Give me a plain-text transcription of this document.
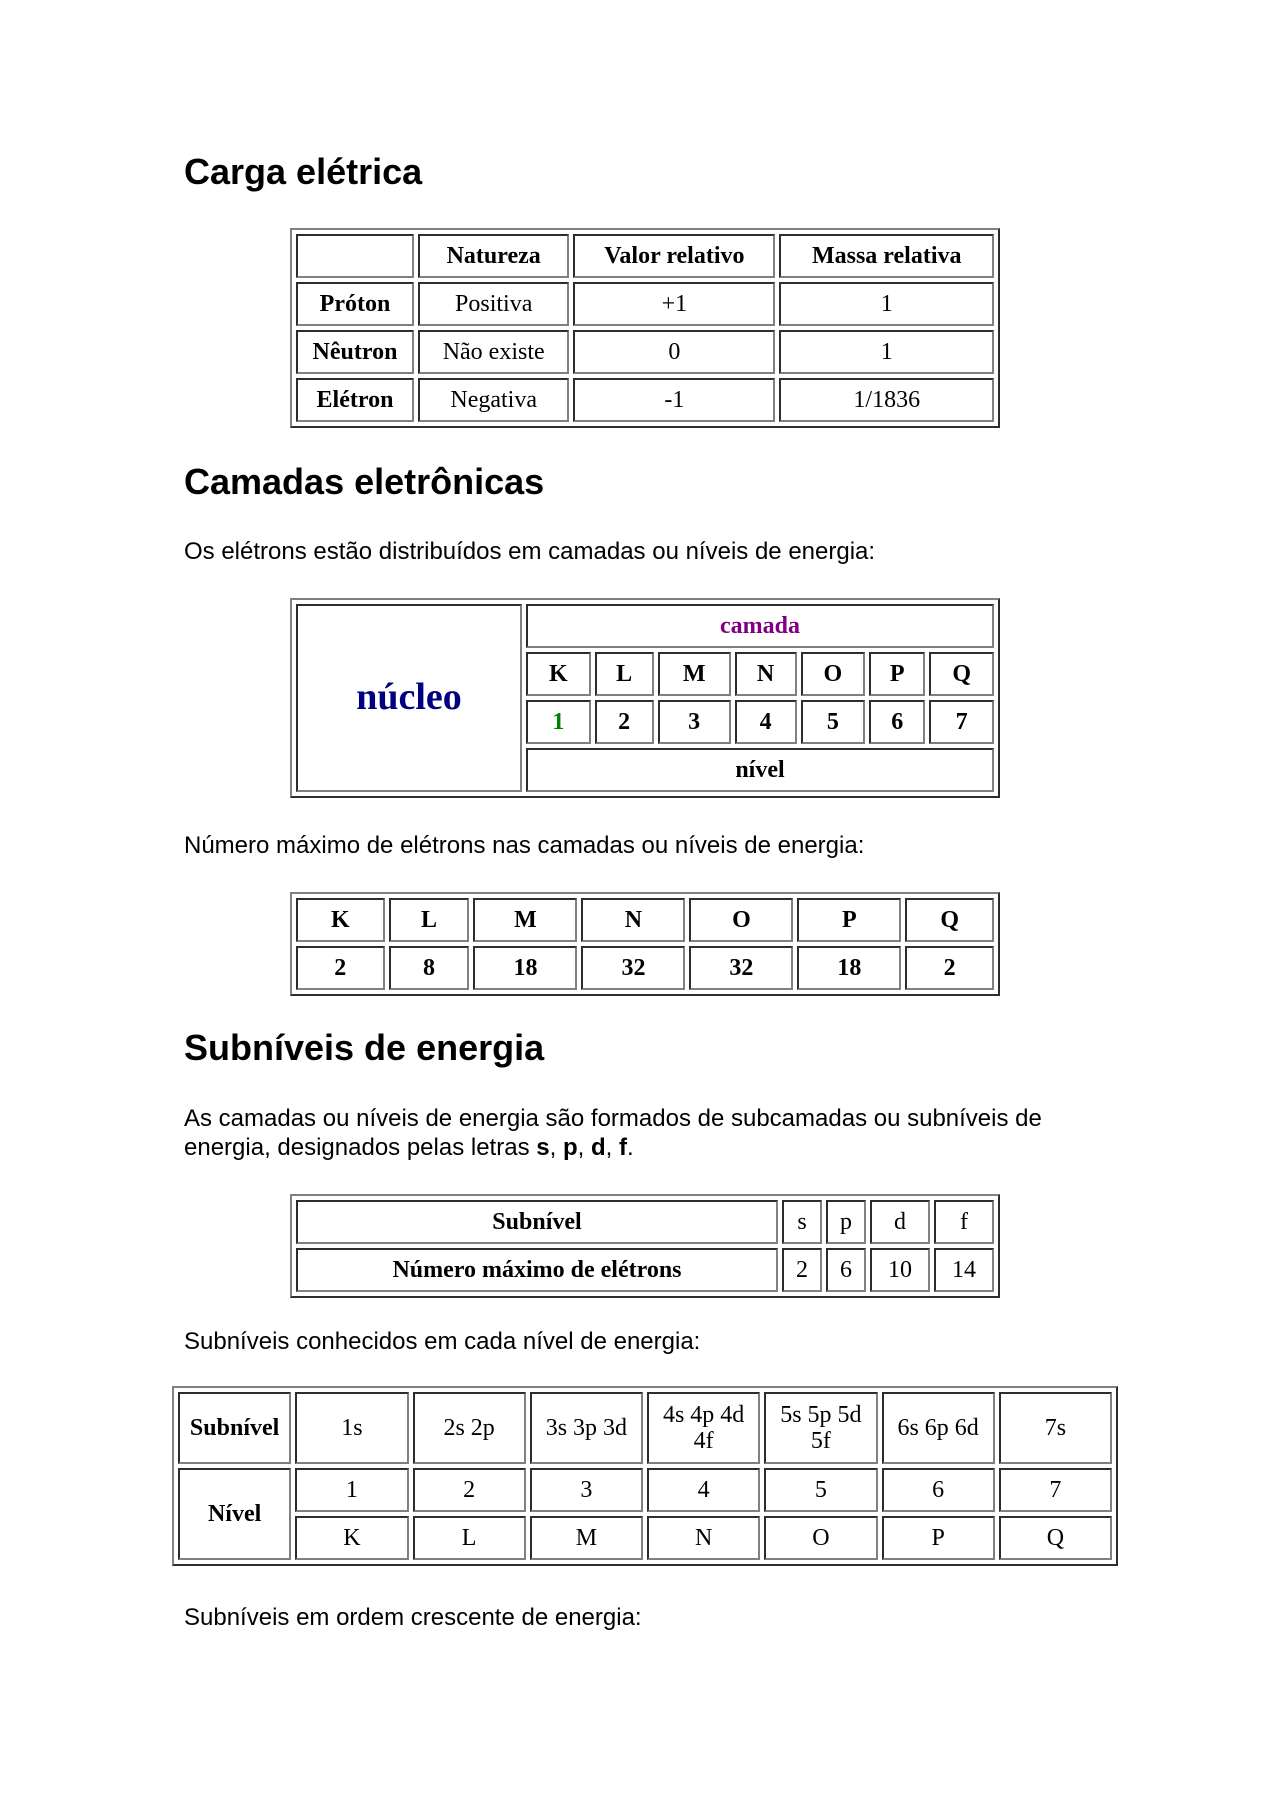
Carga elétrica
	Natureza	Valor relativo	Massa relativa
Próton	Positiva	+1	1
Nêutron	Não existe	0	1
Elétron	Negativa	-1	1/1836
Camadas eletrônicas

Os elétrons estão distribuídos em camadas ou níveis de energia:

núcleo	camada						
	K	L	M	N	O	P	Q
	1	2	3	4	5	6	7
	nível						

Número máximo de elétrons nas camadas ou níveis de energia:

K	L	M	N	O	P	Q
2	8	18	32	32	18	2
Subníveis de energia

As camadas ou níveis de energia são formados de subcamadas ou subníveis de energia, designados pelas letras s, p, d, f.

Subnível	s	p	d	f
Número máximo de elétrons	2	6	10	14

Subníveis conhecidos em cada nível de energia:

Subnível	1s	2s 2p	3s 3p 3d	4s 4p 4d 4f	5s 5p 5d 5f	6s 6p 6d	7s
Nível	1	2	3	4	5	6	7
	K	L	M	N	O	P	Q

Subníveis em ordem crescente de energia:
